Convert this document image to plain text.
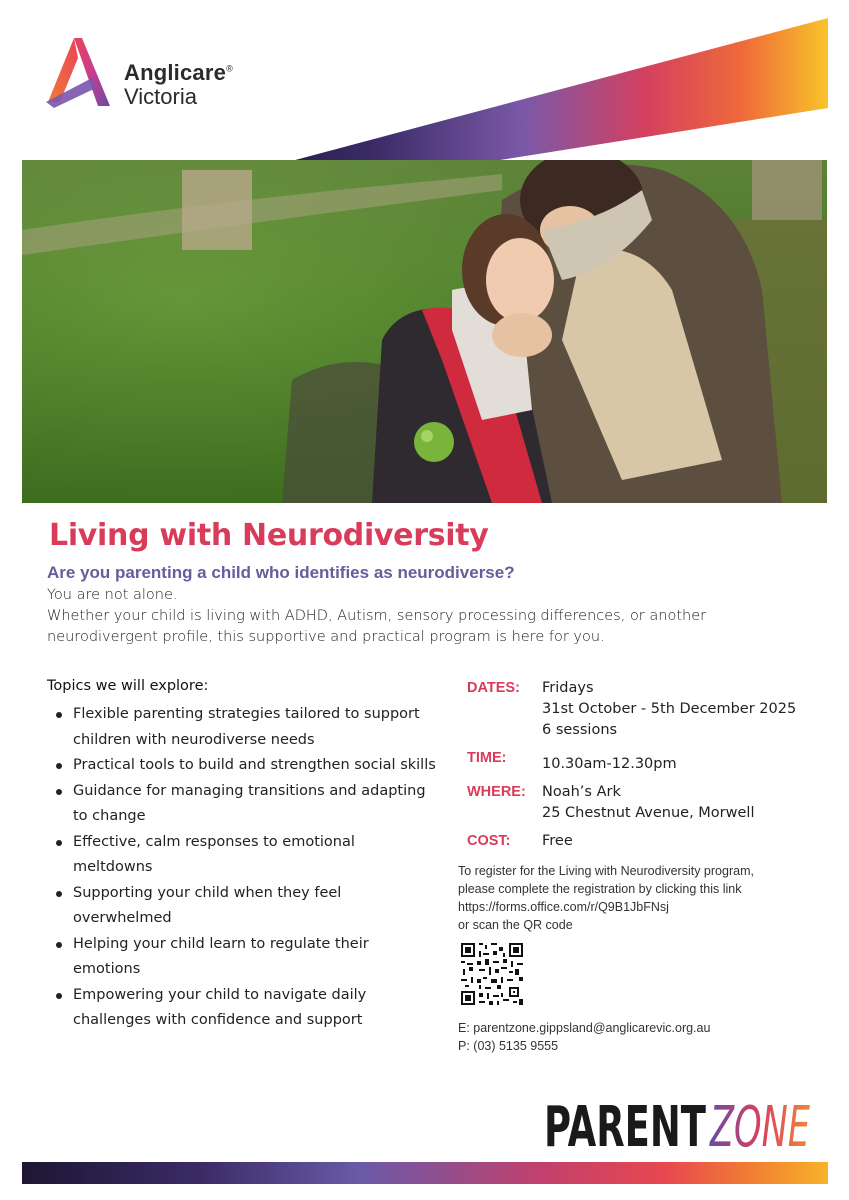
Anglicare®
Victoria
Living with Neurodiversity
Are you parenting a child who identifies as neurodiverse?

You are not alone.

Whether your child is living with ADHD, Autism, sensory processing differences, or another neurodivergent profile, this supportive and practical program is here for you.

Topics we will explore:
Flexible parenting strategies tailored to support children with neurodiverse needs
Practical tools to build and strengthen social skills
Guidance for managing transitions and adapting to change
Effective, calm responses to emotional meltdowns
Supporting your child when they feel overwhelmed
Helping your child learn to regulate their emotions
Empowering your child to navigate daily challenges with confidence and support
DATES:	Fridays
31st October - 5th December 2025
6 sessions
TIME:	10.30am-12.30pm
WHERE:	Noah’s Ark
25 Chestnut Avenue, Morwell
COST:	Free
To register for the Living with Neurodiversity program,
please complete the registration by clicking this link
https://forms.office.com/r/Q9B1JbFNsj
or scan the QR code
E: parentzone.gippsland@anglicarevic.org.au
P: (03) 5135 9555
PARENT ZONE
